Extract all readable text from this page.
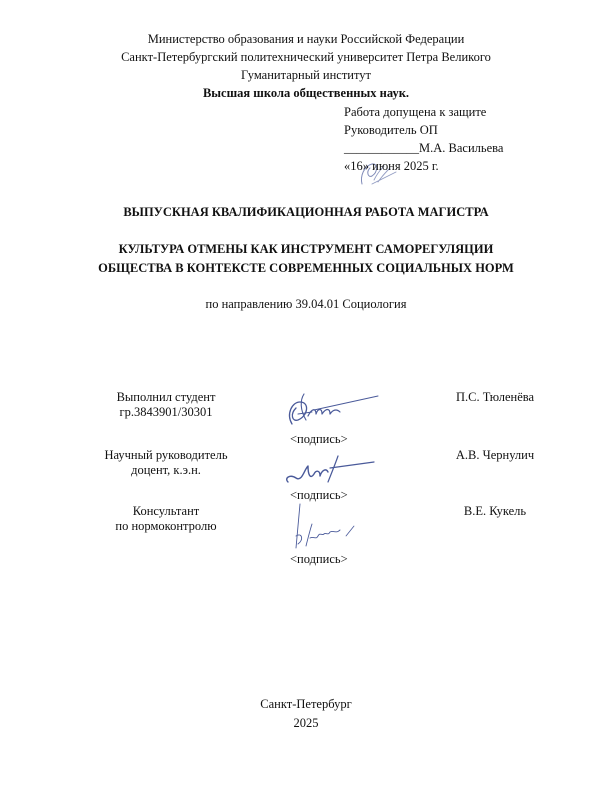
Министерство образования и науки Российской Федерации
Санкт-Петербургский политехнический университет Петра Великого
Гуманитарный институт
Высшая школа общественных наук.
Работа допущена к защите
Руководитель ОП
____________М.А. Васильева
«16» июня 2025 г.
ВЫПУСКНАЯ КВАЛИФИКАЦИОННАЯ РАБОТА МАГИСТРА
КУЛЬТУРА ОТМЕНЫ КАК ИНСТРУМЕНТ САМОРЕГУЛЯЦИИ
ОБЩЕСТВА В КОНТЕКСТЕ СОВРЕМЕННЫХ СОЦИАЛЬНЫХ НОРМ
по направлению 39.04.01 Социология
Выполнил студент
гр.3843901/30301
<подпись>
П.С. Тюленёва
Научный руководитель
доцент, к.э.н.
<подпись>
А.В. Чернулич
Консультант
по нормоконтролю
<подпись>
В.Е. Кукель
Санкт-Петербург
2025
